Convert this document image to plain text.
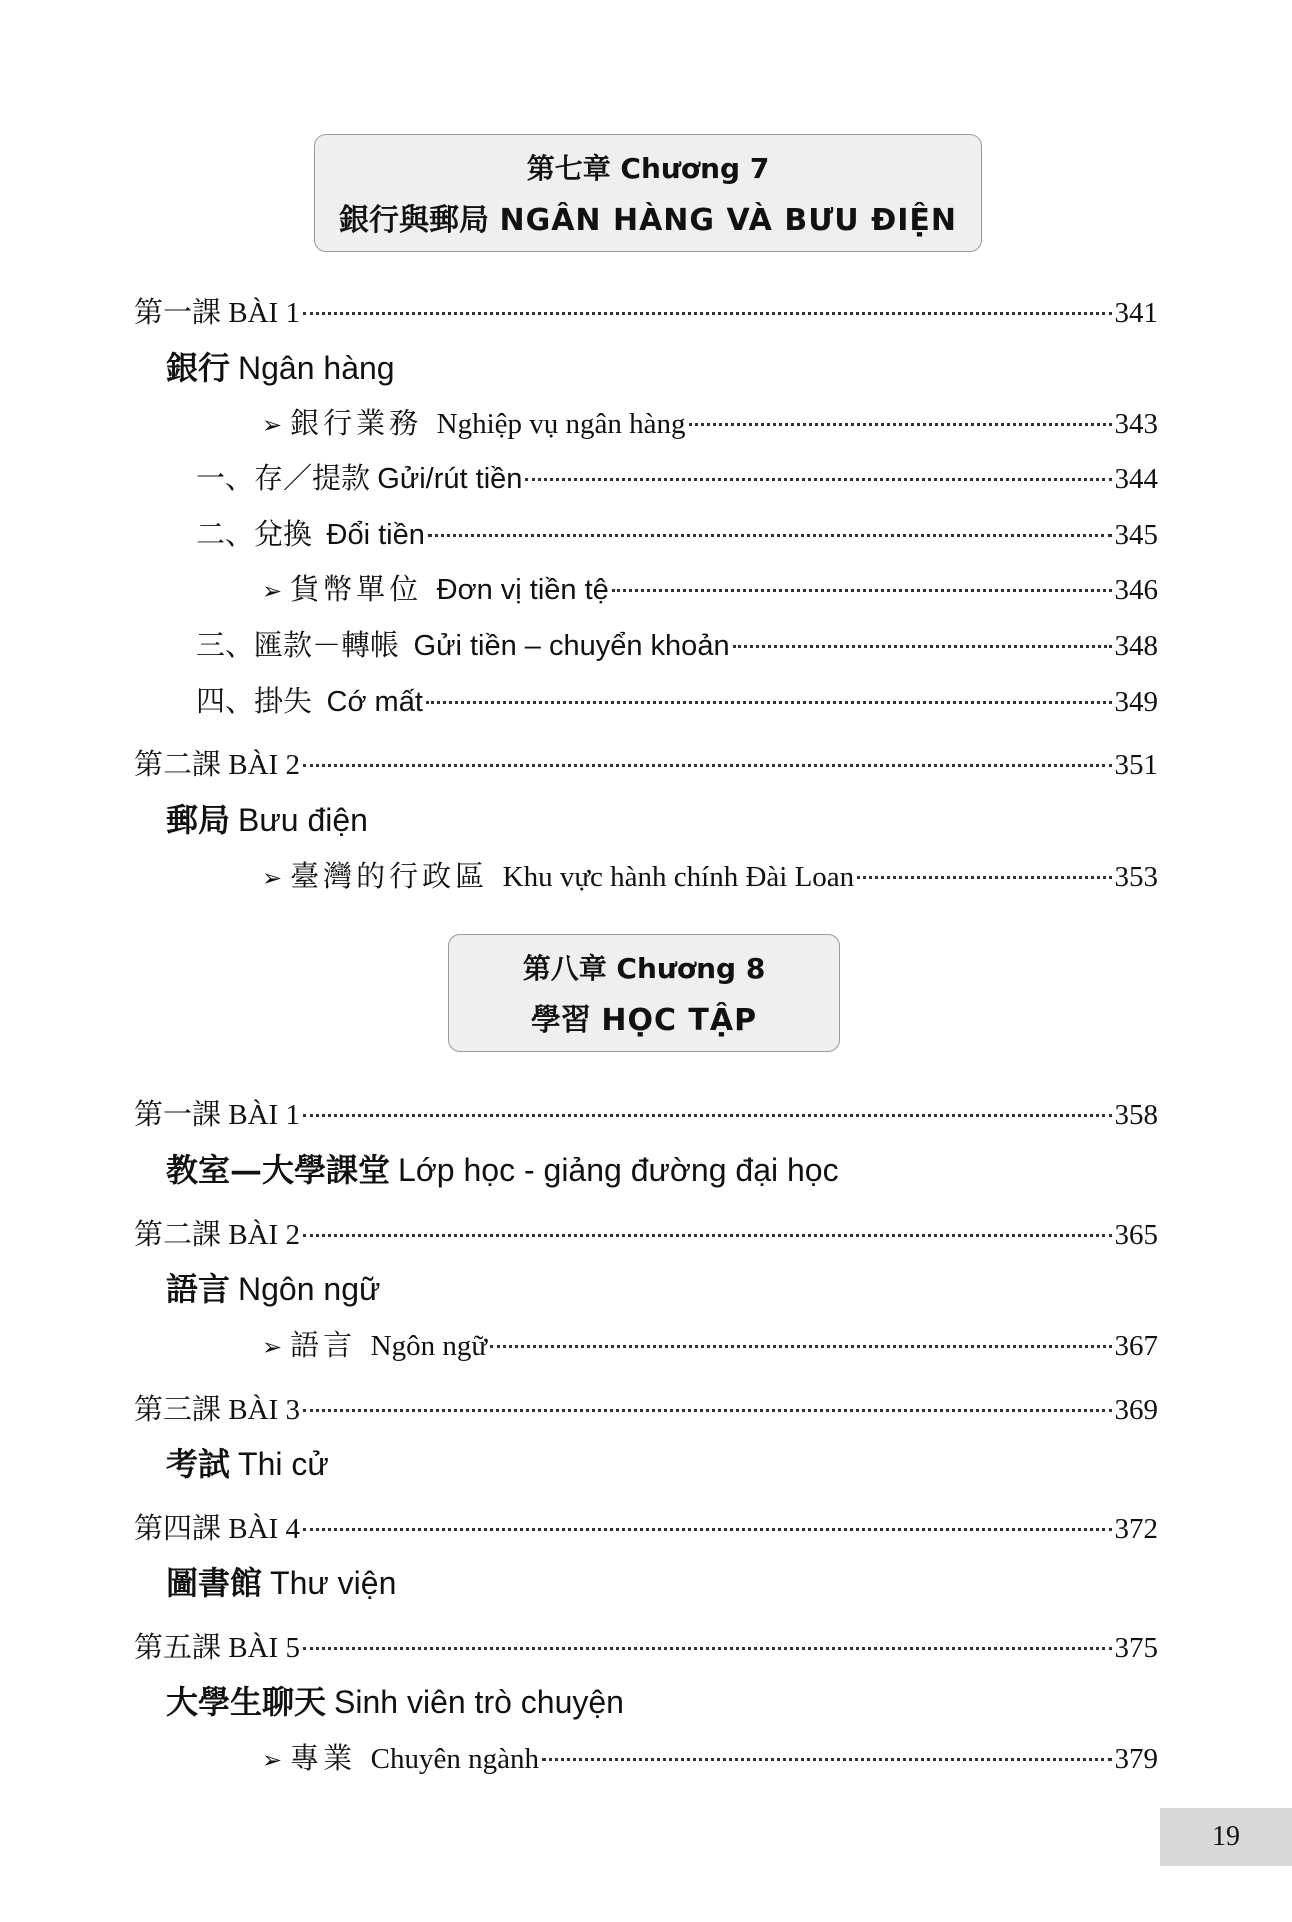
第七章 Chương 7
銀行與郵局 NGÂN HÀNG VÀ BƯU ĐIỆN
第一課 BÀI 1	341
銀行 Ngân hàng
➢ 銀行業務 Nghiệp vụ ngân hàng	343
一、存／提款 Gửi/rút tiền	344
二、兌換 Đổi tiền	345
➢ 貨幣單位 Đơn vị tiền tệ	346
三、匯款－轉帳 Gửi tiền – chuyển khoản	348
四、掛失 Cớ mất	349
第二課 BÀI 2	351
郵局 Bưu điện
➢ 臺灣的行政區 Khu vực hành chính Đài Loan	353
第八章 Chương 8
學習 HỌC TẬP
第一課 BÀI 1	358
教室—大學課堂 Lớp học - giảng đường đại học
第二課 BÀI 2	365
語言 Ngôn ngữ
➢ 語言 Ngôn ngữ	367
第三課 BÀI 3	369
考試 Thi cử
第四課 BÀI 4	372
圖書館 Thư viện
第五課 BÀI 5	375
大學生聊天 Sinh viên trò chuyện
➢ 專業 Chuyên ngành	379
19
